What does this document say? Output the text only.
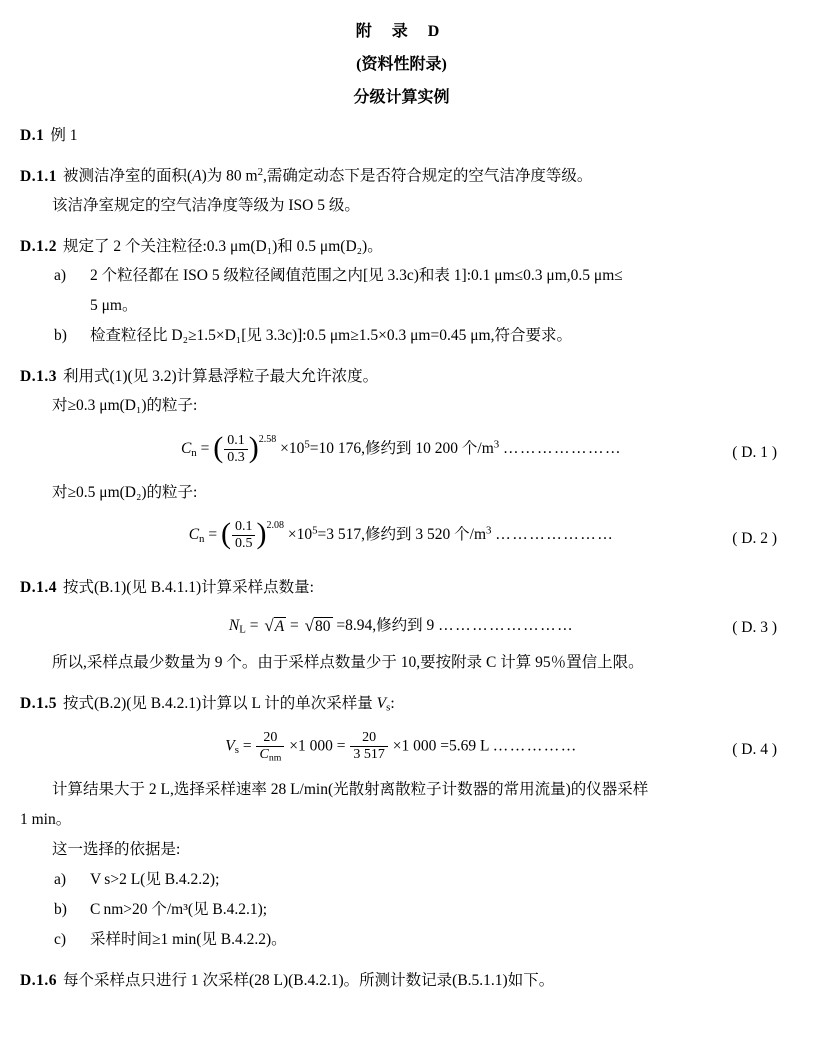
附 录 D
(资料性附录)
分级计算实例
D.1 例 1
D.1.1 被测洁净室的面积(A)为 80 $m^2$,需确定动态下是否符合规定的空气洁净度等级。
该洁净室规定的空气洁净度等级为 ISO 5 级。
D.1.2 规定了 2 个关注粒径:0.3 μm(D₁)和 0.5 μm(D₂)。
a) 2 个粒径都在 ISO 5 级粒径阈值范围之内[见 3.3c)和表 1]:0.1 μm≤0.3 μm,0.5 μm≤
5 μm。
b) 检查粒径比 D₂≥1.5×D₁[见 3.3c)]:0.5 μm≥1.5×0.3 μm=0.45 μm,符合要求。
D.1.3 利用式(1)(见 3.2)计算悬浮粒子最大允许浓度。
对≥0.3 μm(D₁)的粒子:
$C_n$ = ( $\frac{0.1}{0.3} )2.58 \times 10^5=10$ 176,修约到 10 200 个$/m^3$ …………………	( D. 1 )
对≥0.5 μm(D₂)的粒子:
$C_n$ = ( $\frac{0.1}{0.5} )2.08 \times 10^5=3$ 517,修约到 3 520 个$/m^3$ …………………	( D. 2 )
D.1.4 按式(B.1)(见 B.4.1.1)计算采样点数量:
$N_L = √A = √80 =8.94$,修约到 9 ……………………	( D. 3 )
所以,采样点最少数量为 9 个。由于采样点数量少于 10,要按附录 C 计算 95％置信上限。
D.1.5 按式(B.2)(见 B.4.2.1)计算以 L 计的单次采样量 $V_s$:
$V_s = \frac{20}{C_{nm}} \times 1$ $000 = \frac{20}{3 517} \times 1$ 000 =5.69 L ……………	( D. 4 )
计算结果大于 2 L,选择采样速率 28 L/min(光散射离散粒子计数器的常用流量)的仪器采样
1 min。
这一选择的依据是:
a) V s>2 L(见 B.4.2.2);
b) C nm>20 个/m³(见 B.4.2.1);
c) 采样时间≥1 min(见 B.4.2.2)。
D.1.6 每个采样点只进行 1 次采样(28 L)(B.4.2.1)。所测计数记录(B.5.1.1)如下。
